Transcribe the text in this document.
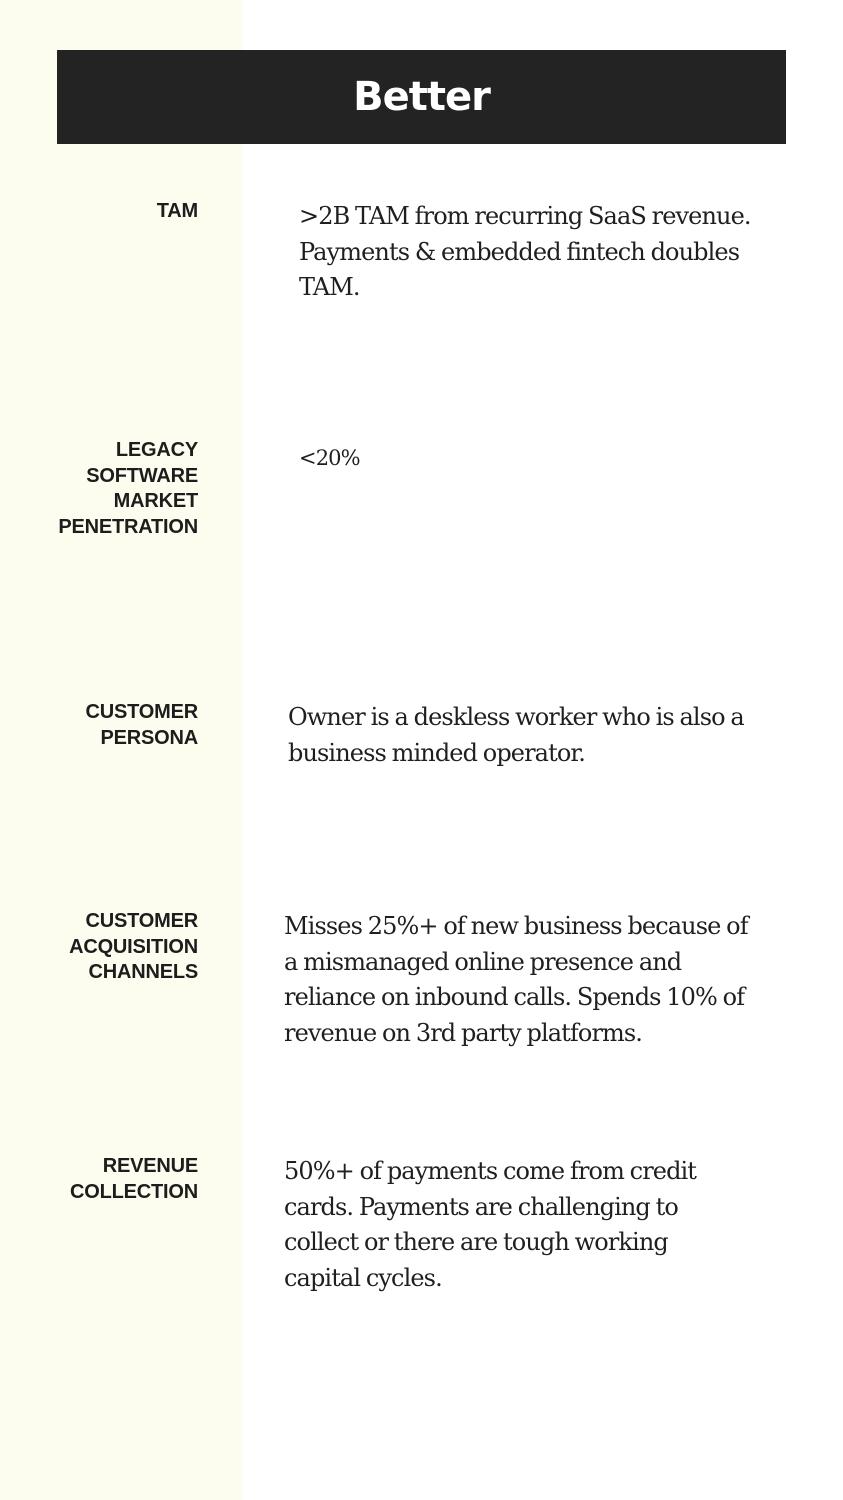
Better
TAM	>2B TAM from recurring SaaS revenue. Payments & embedded fintech doubles TAM.
LEGACY
SOFTWARE
MARKET
PENETRATION
<20%
CUSTOMER
PERSONA
Owner is a deskless worker who is also a business minded operator.
CUSTOMER
ACQUISITION
CHANNELS
Misses 25%+ of new business because of a mismanaged online presence and reliance on inbound calls. Spends 10% of revenue on 3rd party platforms.
REVENUE
COLLECTION
50%+ of payments come from credit cards. Payments are challenging to collect or there are tough working capital cycles.
